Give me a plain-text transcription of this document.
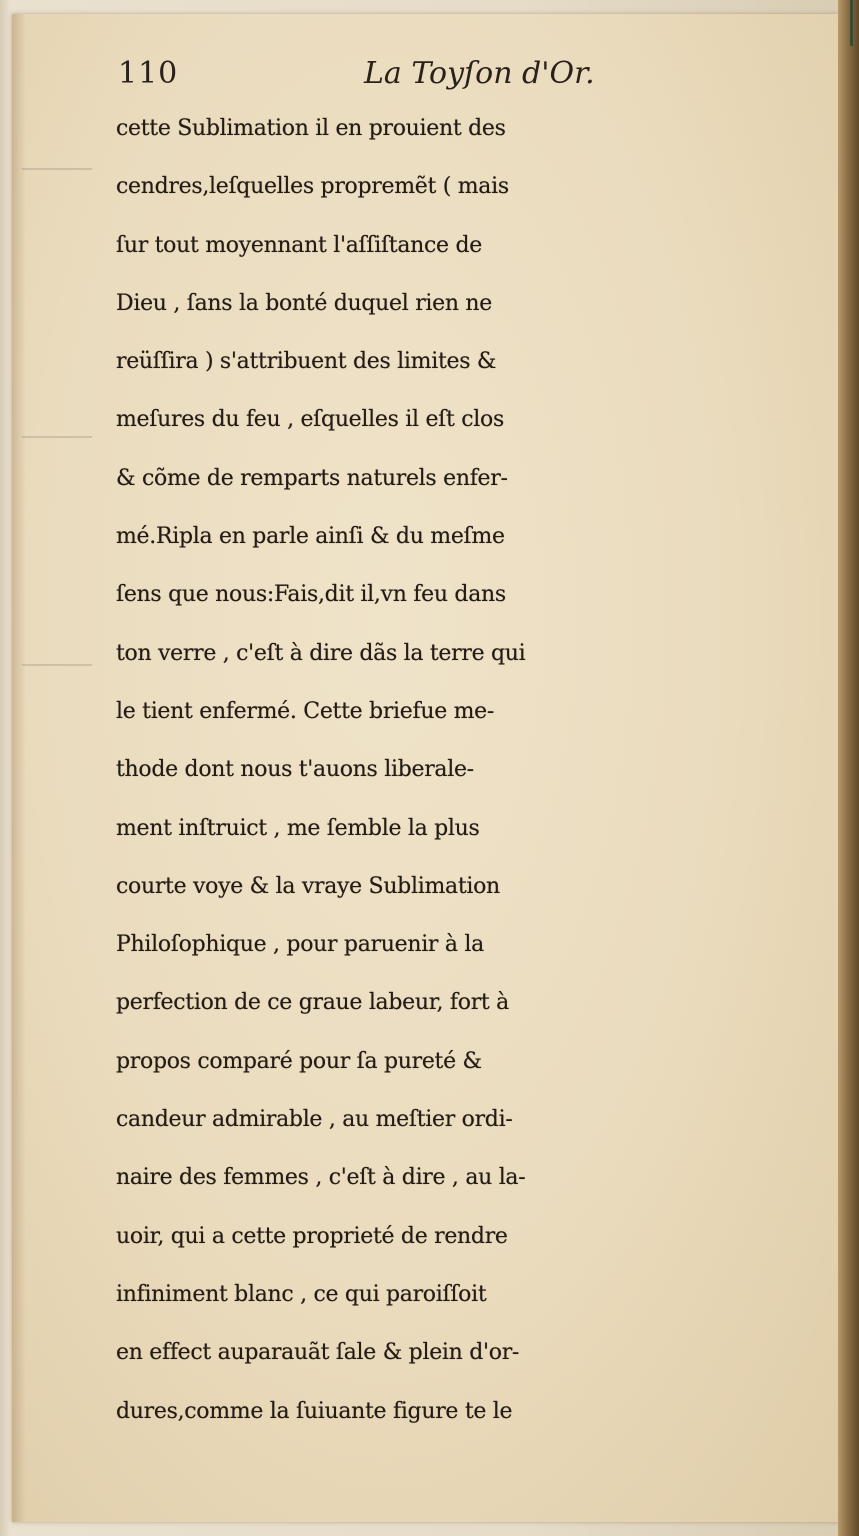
110	La Toyſon d'Or.
cette Sublimation il en prouient des
cendres,leſquelles propremẽt ( mais
ſur tout moyennant l'aſſiſtance de
Dieu , ſans la bonté duquel rien ne
reüſſira ) s'attribuent des limites &
meſures du feu , eſquelles il eſt clos
& cõme de remparts naturels enfer-
mé.Ripla en parle ainſi & du meſme
ſens que nous:Fais,dit il,vn feu dans
ton verre , c'eſt à dire dãs la terre qui
le tient enfermé. Cette briefue me-
thode dont nous t'auons liberale-
ment inſtruict , me ſemble la plus
courte voye & la vraye Sublimation
Philoſophique , pour paruenir à la
perfection de ce graue labeur, fort à
propos comparé pour ſa pureté &
candeur admirable , au meſtier ordi-
naire des femmes , c'eſt à dire , au la-
uoir, qui a cette proprieté de rendre
infiniment blanc , ce qui paroiſſoit
en effect auparauãt ſale & plein d'or-
dures,comme la ſuiuante figure te le
